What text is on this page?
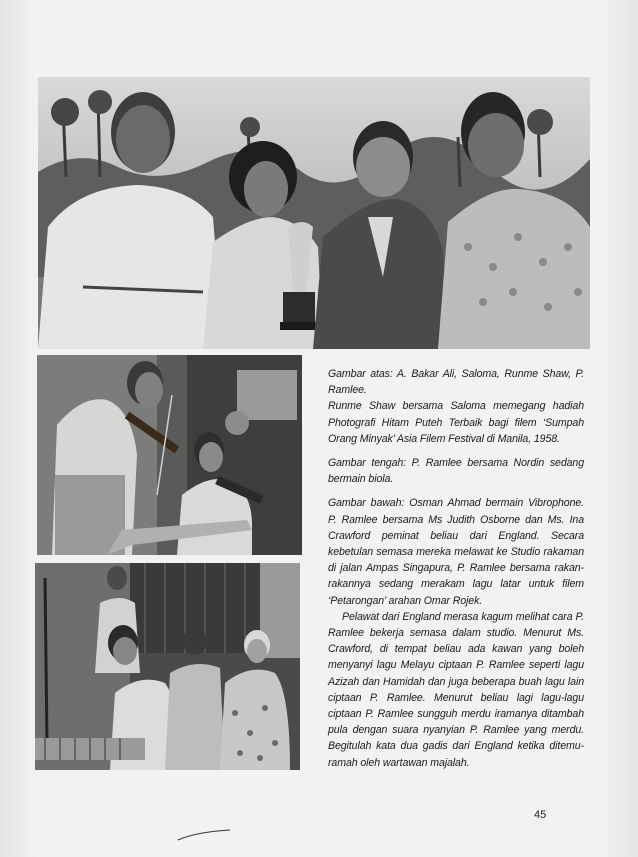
Gambar atas: A. Bakar Ali, Saloma, Runme Shaw, P. Ramlee.

Runme Shaw bersama Saloma memegang hadiah Photografi Hitam Puteh Terbaik bagi filem ‘Sumpah Orang Minyak’ Asia Filem Festival di Manila, 1958.

Gambar tengah: P. Ramlee bersama Nordin sedang bermain biola.

Gambar bawah: Osman Ahmad bermain Vibrophone. P. Ramlee bersama Ms Judith Osborne dan Ms. Ina Crawford peminat beliau dari England. Secara kebetulan semasa mereka melawat ke Studio rakaman di jalan Ampas Singapura, P. Ramlee bersama rakan-rakannya sedang merakam lagu latar untuk filem ‘Petarongan’ arahan Omar Rojek.

Pelawat dari England merasa kagum melihat cara P. Ramlee bekerja semasa dalam studio. Menurut Ms. Crawford, di tempat beliau ada kawan yang boleh menyanyi lagu Melayu ciptaan P. Ramlee seperti lagu Azizah dan Hamidah dan juga beberapa buah lagu lain ciptaan P. Ramlee. Menurut beliau lagi lagu-lagu ciptaan P. Ramlee sungguh merdu iramanya ditambah pula dengan suara nyanyian P. Ramlee yang merdu. Begitulah kata dua gadis dari England ketika ditemu-ramah oleh wartawan majalah.

45
